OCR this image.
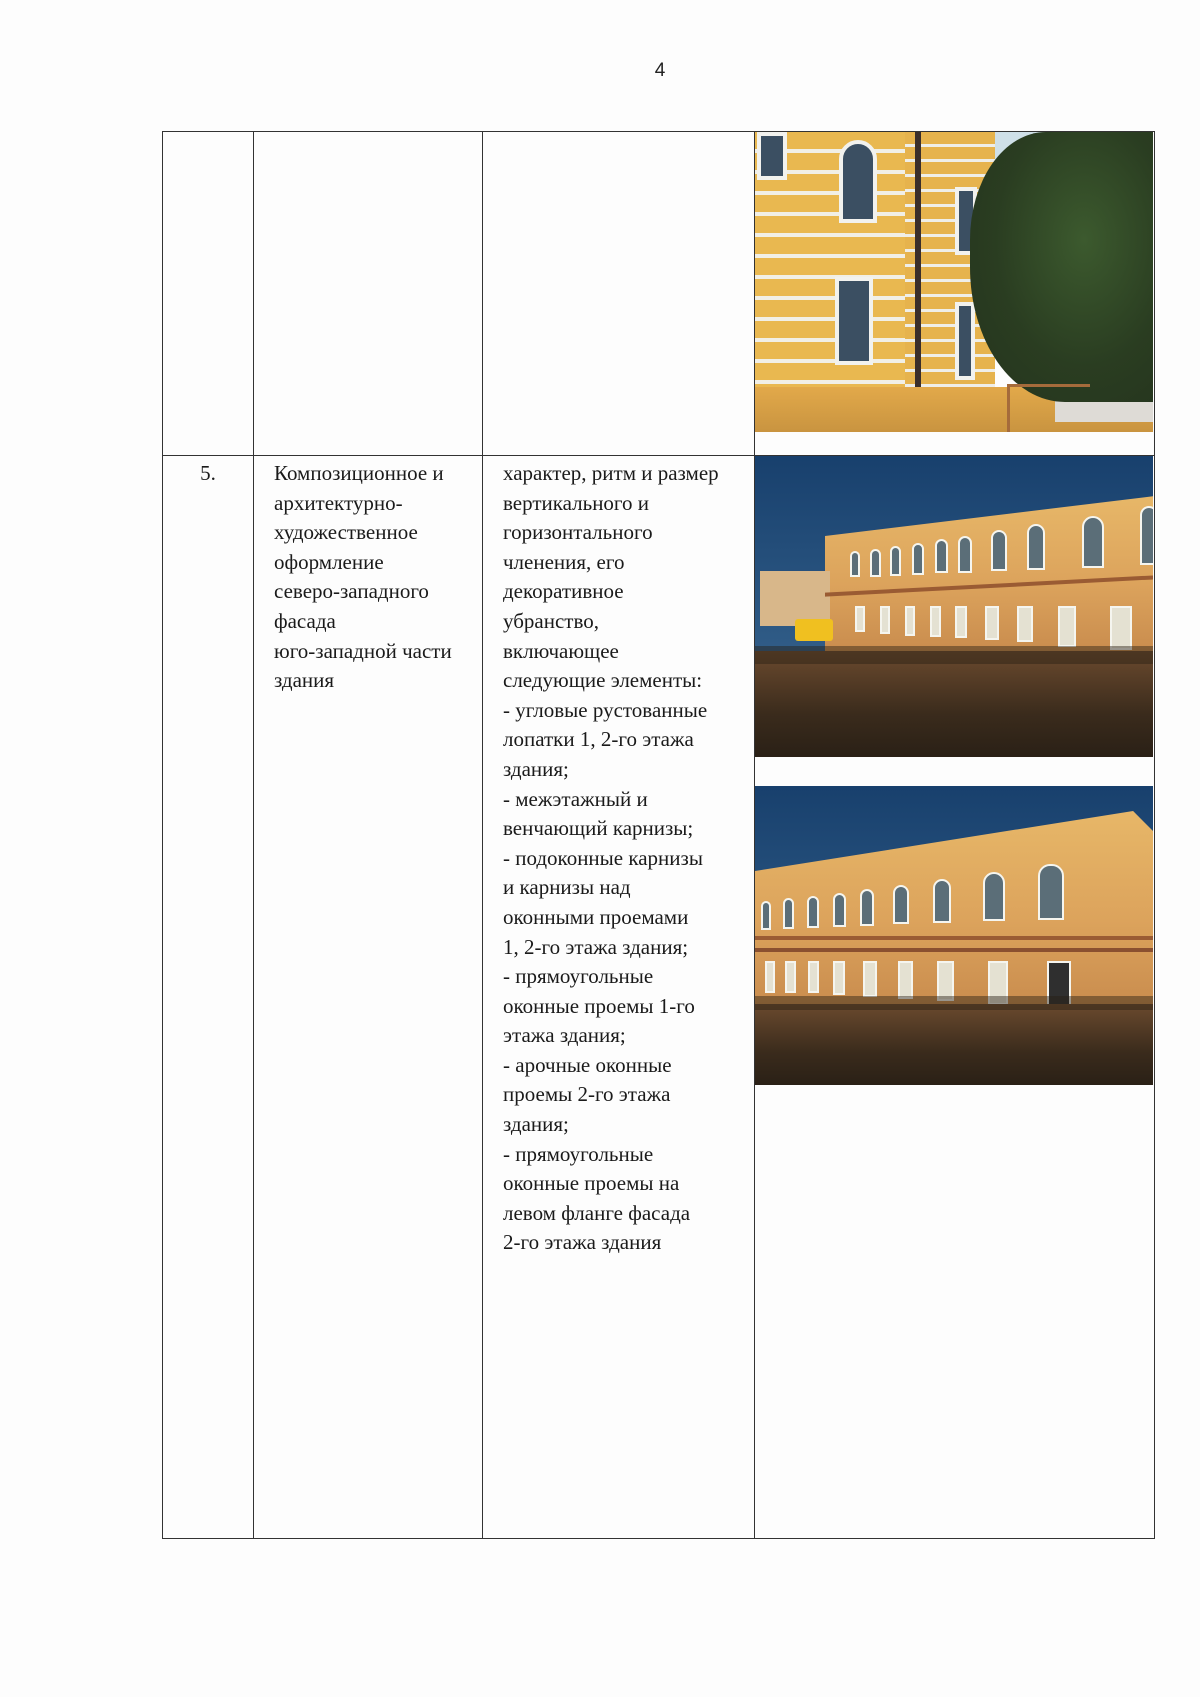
4

5.	Композиционное и
архитектурно-
художественное
оформление
северо-западного
фасада
юго-западной части
здания

характер, ритм и размер
вертикального и
горизонтального
членения, его
декоративное
убранство,
включающее
следующие элементы:
- угловые рустованные
лопатки 1, 2-го этажа
здания;
- межэтажный и
венчающий карнизы;
- подоконные карнизы
и карнизы над
оконными проемами
1, 2-го этажа здания;
- прямоугольные
оконные проемы 1-го
этажа здания;
- арочные оконные
проемы 2-го этажа
здания;
- прямоугольные
оконные проемы на
левом фланге фасада
2-го этажа здания
